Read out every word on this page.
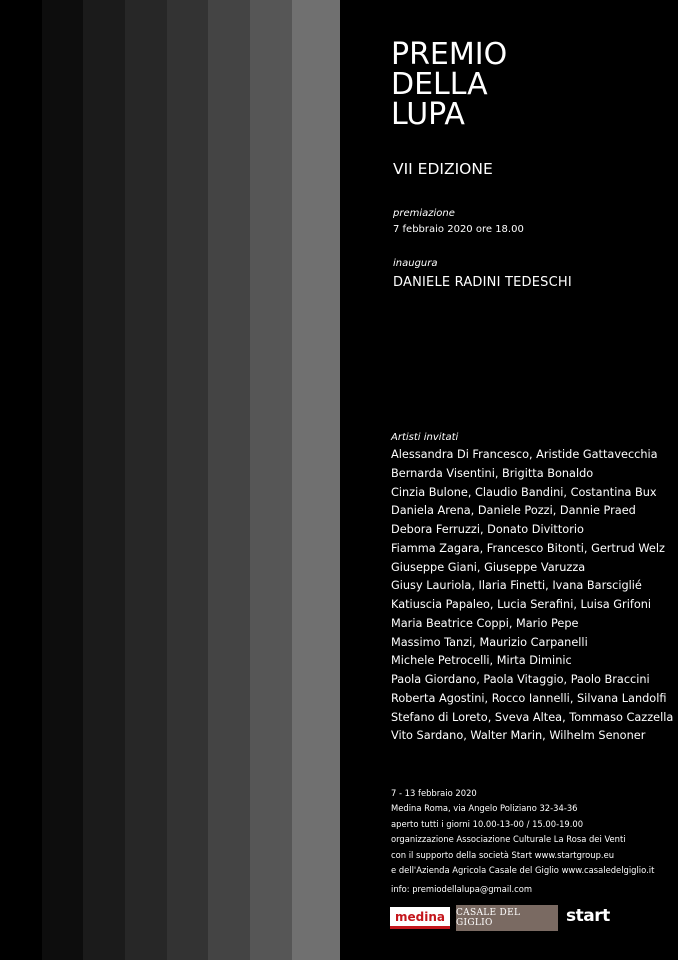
PREMIO
DELLA
LUPA
VII EDIZIONE
premiazione
7 febbraio 2020 ore 18.00
inaugura
DANIELE RADINI TEDESCHI
Artisti invitati
Alessandra Di Francesco, Aristide Gattavecchia
Bernarda Visentini, Brigitta Bonaldo
Cinzia Bulone, Claudio Bandini, Costantina Bux
Daniela Arena, Daniele Pozzi, Dannie Praed
Debora Ferruzzi, Donato Divittorio
Fiamma Zagara, Francesco Bitonti, Gertrud Welz
Giuseppe Giani, Giuseppe Varuzza
Giusy Lauriola, Ilaria Finetti, Ivana Barsciglié
Katiuscia Papaleo, Lucia Serafini, Luisa Grifoni
Maria Beatrice Coppi, Mario Pepe
Massimo Tanzi, Maurizio Carpanelli
Michele Petrocelli, Mirta Diminic
Paola Giordano, Paola Vitaggio, Paolo Braccini
Roberta Agostini, Rocco Iannelli, Silvana Landolfi
Stefano di Loreto, Sveva Altea, Tommaso Cazzella
Vito Sardano, Walter Marin, Wilhelm Senoner
7 - 13 febbraio 2020
Medina Roma, via Angelo Poliziano 32-34-36
aperto tutti i giorni 10.00-13-00 / 15.00-19.00
organizzazione Associazione Culturale La Rosa dei Venti
con il supporto della società Start www.startgroup.eu
e dell'Azienda Agricola Casale del Giglio www.casaledelgiglio.it
info: premiodellalupa@gmail.com
medina	CASALE DEL GIGLIO	start
